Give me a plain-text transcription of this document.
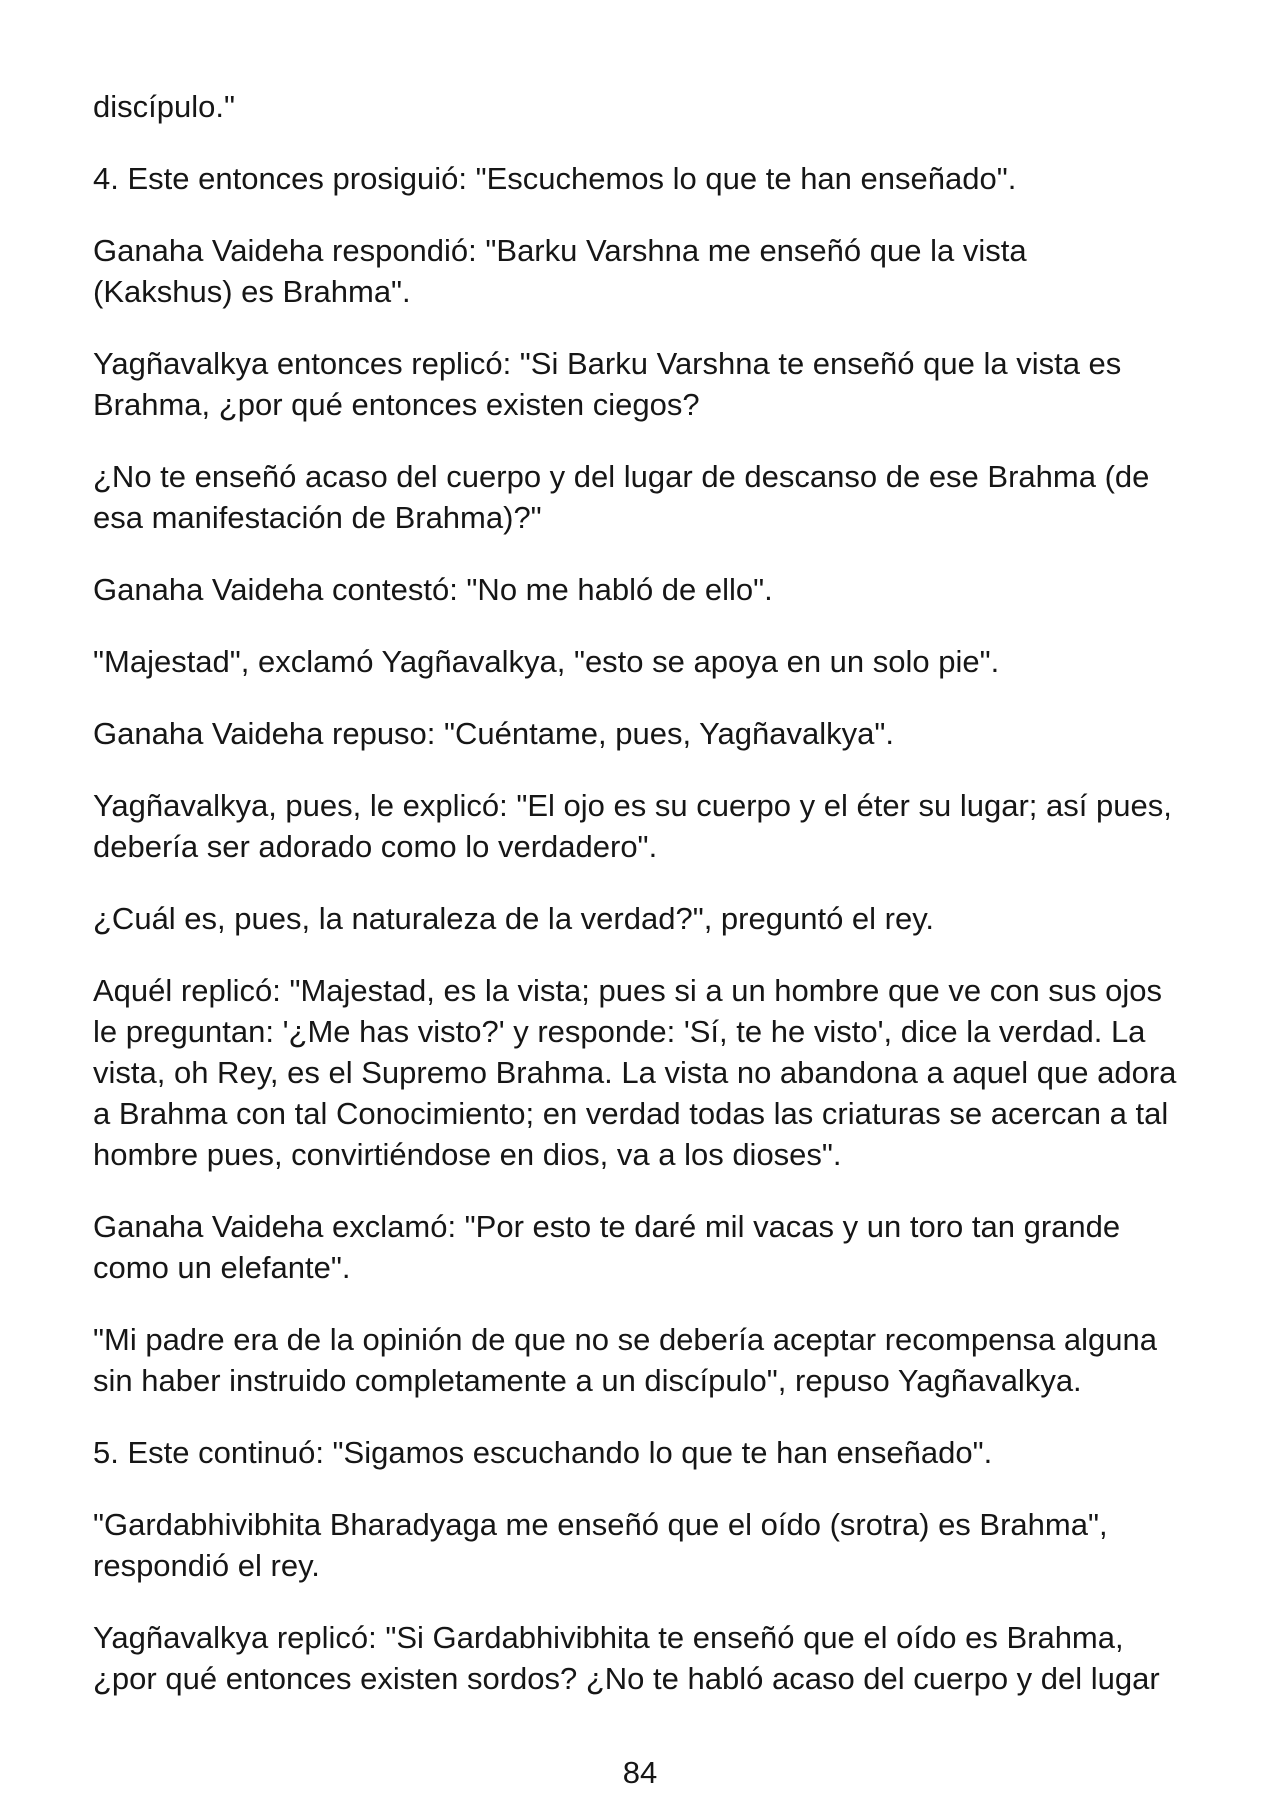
discípulo."

4. Este entonces prosiguió: "Escuchemos lo que te han enseñado".

Ganaha Vaideha respondió: "Barku Varshna me enseñó que la vista
(Kakshus) es Brahma".

Yagñavalkya entonces replicó: "Si Barku Varshna te enseñó que la vista es
Brahma, ¿por qué entonces existen ciegos?

¿No te enseñó acaso del cuerpo y del lugar de descanso de ese Brahma (de
esa manifestación de Brahma)?"

Ganaha Vaideha contestó: "No me habló de ello".

"Majestad", exclamó Yagñavalkya, "esto se apoya en un solo pie".

Ganaha Vaideha repuso: "Cuéntame, pues, Yagñavalkya".

Yagñavalkya, pues, le explicó: "El ojo es su cuerpo y el éter su lugar; así pues,
debería ser adorado como lo verdadero".

¿Cuál es, pues, la naturaleza de la verdad?", preguntó el rey.

Aquél replicó: "Majestad, es la vista; pues si a un hombre que ve con sus ojos
le preguntan: '¿Me has visto?' y responde: 'Sí, te he visto', dice la verdad. La
vista, oh Rey, es el Supremo Brahma. La vista no abandona a aquel que adora
a Brahma con tal Conocimiento; en verdad todas las criaturas se acercan a tal
hombre pues, convirtiéndose en dios, va a los dioses".

Ganaha Vaideha exclamó: "Por esto te daré mil vacas y un toro tan grande
como un elefante".

"Mi padre era de la opinión de que no se debería aceptar recompensa alguna
sin haber instruido completamente a un discípulo", repuso Yagñavalkya.

5. Este continuó: "Sigamos escuchando lo que te han enseñado".

"Gardabhivibhita Bharadyaga me enseñó que el oído (srotra) es Brahma",
respondió el rey.

Yagñavalkya replicó: "Si Gardabhivibhita te enseñó que el oído es Brahma,
¿por qué entonces existen sordos? ¿No te habló acaso del cuerpo y del lugar

84
